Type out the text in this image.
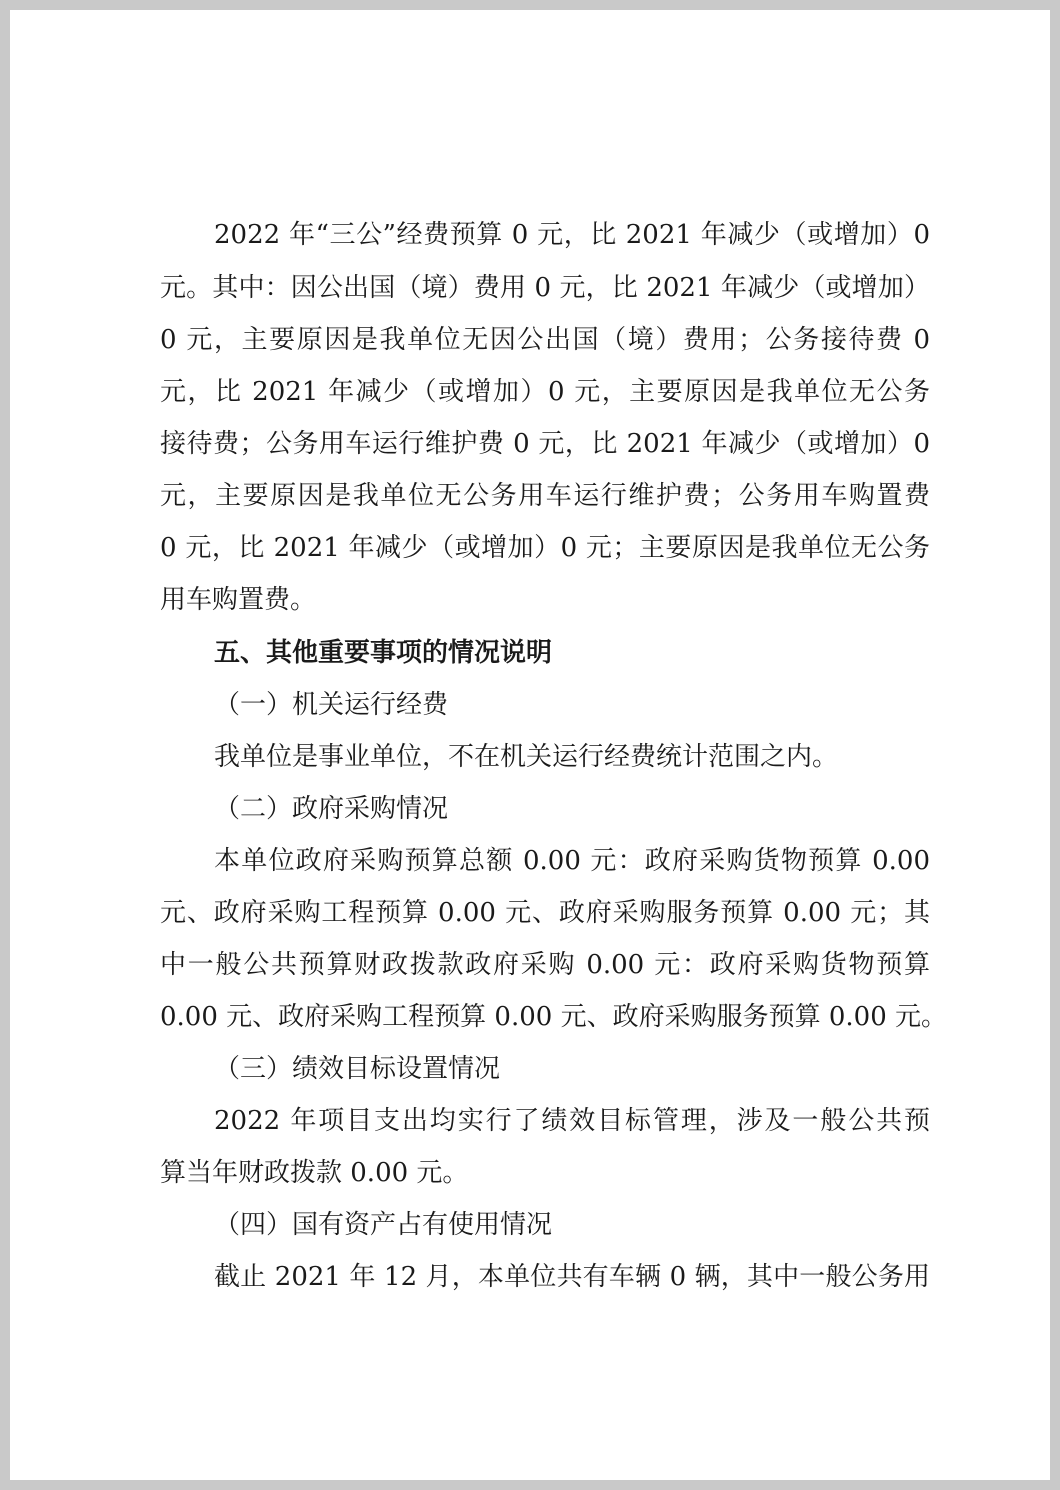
2022 年“三公”经费预算 0 元，比 2021 年减少（或增加）0
元。其中：因公出国（境）费用 0 元，比 2021 年减少（或增加）
0 元，主要原因是我单位无因公出国（境）费用；公务接待费 0
元，比 2021 年减少（或增加）0 元，主要原因是我单位无公务
接待费；公务用车运行维护费 0 元，比 2021 年减少（或增加）0
元，主要原因是我单位无公务用车运行维护费；公务用车购置费
0 元，比 2021 年减少（或增加）0 元；主要原因是我单位无公务
用车购置费。
五、其他重要事项的情况说明
（一）机关运行经费
我单位是事业单位，不在机关运行经费统计范围之内。
（二）政府采购情况
本单位政府采购预算总额 0.00 元：政府采购货物预算 0.00
元、政府采购工程预算 0.00 元、政府采购服务预算 0.00 元；其
中一般公共预算财政拨款政府采购 0.00 元：政府采购货物预算
0.00 元、政府采购工程预算 0.00 元、政府采购服务预算 0.00 元。
（三）绩效目标设置情况
2022 年项目支出均实行了绩效目标管理，涉及一般公共预
算当年财政拨款 0.00 元。
（四）国有资产占有使用情况
截止 2021 年 12 月，本单位共有车辆 0 辆，其中一般公务用
